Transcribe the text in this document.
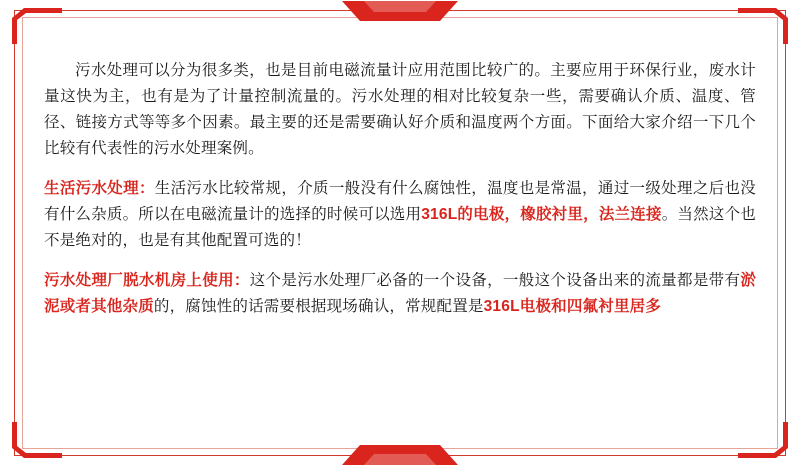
污水处理可以分为很多类，也是目前电磁流量计应用范围比较广的。主要应用于环保行业，废水计量这快为主，也有是为了计量控制流量的。污水处理的相对比较复杂一些，需要确认介质、温度、管径、链接方式等等多个因素。最主要的还是需要确认好介质和温度两个方面。下面给大家介绍一下几个比较有代表性的污水处理案例。

生活污水处理：生活污水比较常规，介质一般没有什么腐蚀性，温度也是常温，通过一级处理之后也没有什么杂质。所以在电磁流量计的选择的时候可以选用316L的电极，橡胶衬里，法兰连接。当然这个也不是绝对的，也是有其他配置可选的！

污水处理厂脱水机房上使用：这个是污水处理厂必备的一个设备，一般这个设备出来的流量都是带有淤泥或者其他杂质的，腐蚀性的话需要根据现场确认，常规配置是316L电极和四氟衬里居多
